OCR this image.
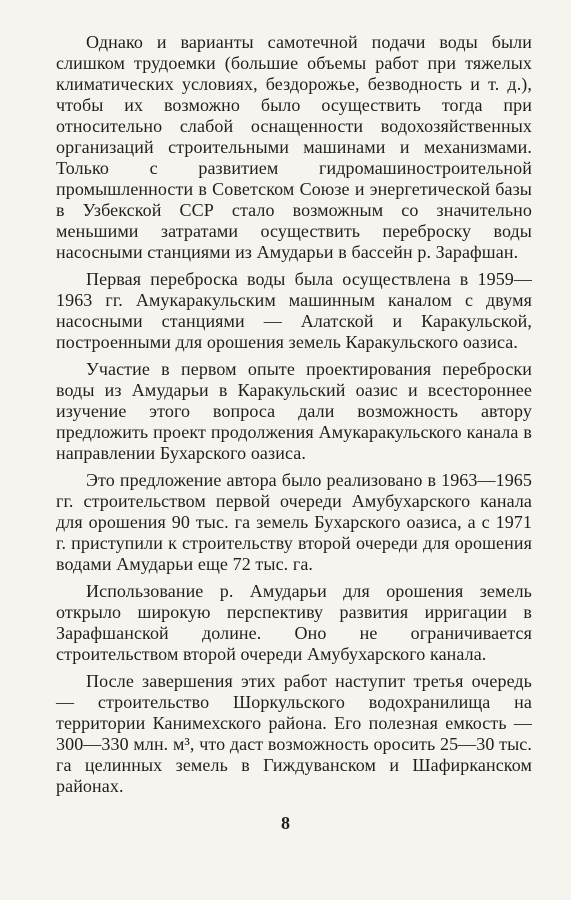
Однако и варианты самотечной подачи воды были слишком трудоемки (большие объемы работ при тяжелых климатических условиях, бездорожье, безводность и т. д.), чтобы их возможно было осуществить тогда при относительно слабой оснащенности водохозяйственных организаций строительными машинами и механизмами. Только с развитием гидромашиностроительной промышленности в Советском Союзе и энергетической базы в Узбекской ССР стало возможным со значительно меньшими затратами осуществить переброску воды насосными станциями из Амударьи в бассейн р. Зарафшан.

Первая переброска воды была осуществлена в 1959—1963 гг. Амукаракульским машинным каналом с двумя насосными станциями — Алатской и Каракульской, построенными для орошения земель Каракульского оазиса.

Участие в первом опыте проектирования переброски воды из Амударьи в Каракульский оазис и всестороннее изучение этого вопроса дали возможность автору предложить проект продолжения Амукаракульского канала в направлении Бухарского оазиса.

Это предложение автора было реализовано в 1963—1965 гг. строительством первой очереди Амубухарского канала для орошения 90 тыс. га земель Бухарского оазиса, а с 1971 г. приступили к строительству второй очереди для орошения водами Амударьи еще 72 тыс. га.

Использование р. Амударьи для орошения земель открыло широкую перспективу развития ирригации в Зарафшанской долине. Оно не ограничивается строительством второй очереди Амубухарского канала.

После завершения этих работ наступит третья очередь — строительство Шоркульского водохранилища на территории Канимехского района. Его полезная емкость — 300—330 млн. м³, что даст возможность оросить 25—30 тыс. га целинных земель в Гиждуванском и Шафирканском районах.

8
